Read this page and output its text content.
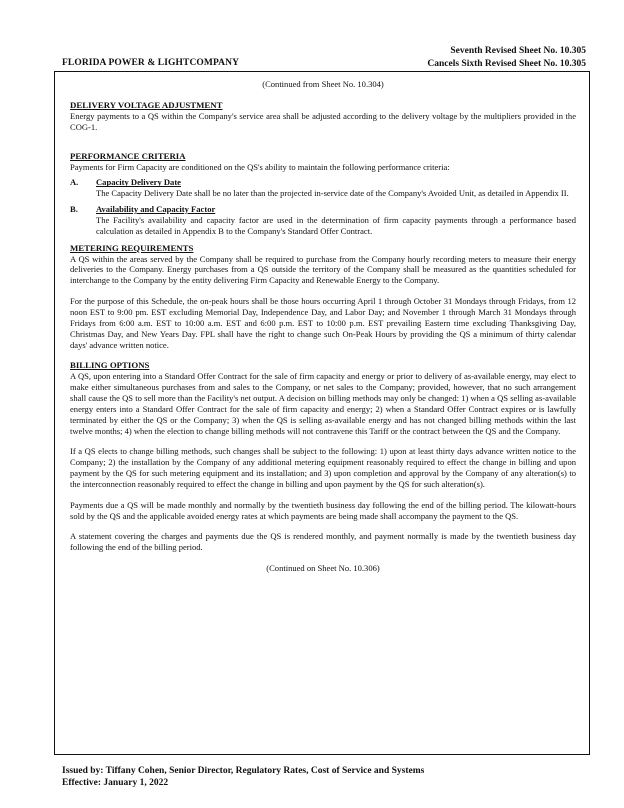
FLORIDA POWER & LIGHTCOMPANY
Seventh Revised Sheet No. 10.305
Cancels Sixth Revised Sheet No. 10.305

(Continued from Sheet No. 10.304)

DELIVERY VOLTAGE ADJUSTMENT

Energy payments to a QS within the Company's service area shall be adjusted according to the delivery voltage by the multipliers provided in the COG-1.

PERFORMANCE CRITERIA

Payments for Firm Capacity are conditioned on the QS's ability to maintain the following performance criteria:

A.	Capacity Delivery Date

The Capacity Delivery Date shall be no later than the projected in-service date of the Company's Avoided Unit, as detailed in Appendix II.

B.	Availability and Capacity Factor

The Facility's availability and capacity factor are used in the determination of firm capacity payments through a performance based calculation as detailed in Appendix B to the Company's Standard Offer Contract.

METERING REQUIREMENTS

A QS within the areas served by the Company shall be required to purchase from the Company hourly recording meters to measure their energy deliveries to the Company. Energy purchases from a QS outside the territory of the Company shall be measured as the quantities scheduled for interchange to the Company by the entity delivering Firm Capacity and Renewable Energy to the Company.

For the purpose of this Schedule, the on-peak hours shall be those hours occurring April 1 through October 31 Mondays through Fridays, from 12 noon EST to 9:00 pm. EST excluding Memorial Day, Independence Day, and Labor Day; and November 1 through March 31 Mondays through Fridays from 6:00 a.m. EST to 10:00 a.m. EST and 6:00 p.m. EST to 10:00 p.m. EST prevailing Eastern time excluding Thanksgiving Day, Christmas Day, and New Years Day. FPL shall have the right to change such On-Peak Hours by providing the QS a minimum of thirty calendar days' advance written notice.

BILLING OPTIONS

A QS, upon entering into a Standard Offer Contract for the sale of firm capacity and energy or prior to delivery of as-available energy, may elect to make either simultaneous purchases from and sales to the Company, or net sales to the Company; provided, however, that no such arrangement shall cause the QS to sell more than the Facility's net output. A decision on billing methods may only be changed: 1) when a QS selling as-available energy enters into a Standard Offer Contract for the sale of firm capacity and energy; 2) when a Standard Offer Contract expires or is lawfully terminated by either the QS or the Company; 3) when the QS is selling as-available energy and has not changed billing methods within the last twelve months; 4) when the election to change billing methods will not contravene this Tariff or the contract between the QS and the Company.

If a QS elects to change billing methods, such changes shall be subject to the following: 1) upon at least thirty days advance written notice to the Company; 2) the installation by the Company of any additional metering equipment reasonably required to effect the change in billing and upon payment by the QS for such metering equipment and its installation; and 3) upon completion and approval by the Company of any alteration(s) to the interconnection reasonably required to effect the change in billing and upon payment by the QS for such alteration(s).

Payments due a QS will be made monthly and normally by the twentieth business day following the end of the billing period. The kilowatt-hours sold by the QS and the applicable avoided energy rates at which payments are being made shall accompany the payment to the QS.

A statement covering the charges and payments due the QS is rendered monthly, and payment normally is made by the twentieth business day following the end of the billing period.

(Continued on Sheet No. 10.306)

Issued by: Tiffany Cohen, Senior Director, Regulatory Rates, Cost of Service and Systems
Effective: January 1, 2022
